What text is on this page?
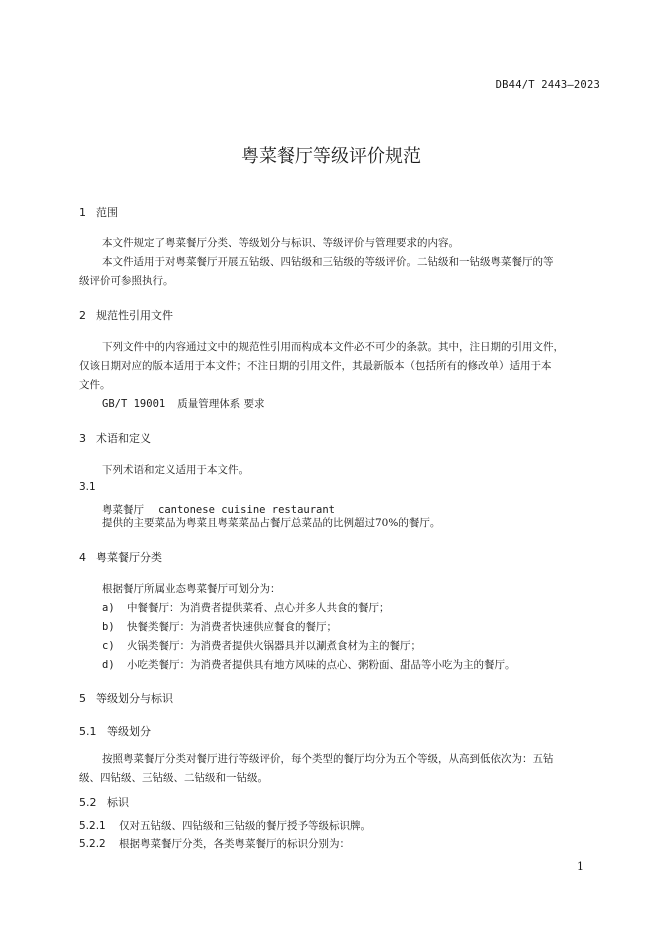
DB44/T 2443—2023
粤菜餐厅等级评价规范
1 范围
本文件规定了粤菜餐厅分类、等级划分与标识、等级评价与管理要求的内容。
本文件适用于对粤菜餐厅开展五钻级、四钻级和三钻级的等级评价。二钻级和一钻级粤菜餐厅的等
级评价可参照执行。
2 规范性引用文件
下列文件中的内容通过文中的规范性引用而构成本文件必不可少的条款。其中，注日期的引用文件，
仅该日期对应的版本适用于本文件；不注日期的引用文件，其最新版本（包括所有的修改单）适用于本
文件。
GB/T 19001 质量管理体系 要求
3 术语和定义
下列术语和定义适用于本文件。
3.1
粤菜餐厅 cantonese cuisine restaurant
提供的主要菜品为粤菜且粤菜菜品占餐厅总菜品的比例超过70%的餐厅。
4 粤菜餐厅分类
根据餐厅所属业态粤菜餐厅可划分为：
a) 中餐餐厅：为消费者提供菜肴、点心并多人共食的餐厅；
b) 快餐类餐厅：为消费者快速供应餐食的餐厅；
c) 火锅类餐厅：为消费者提供火锅器具并以涮煮食材为主的餐厅；
d) 小吃类餐厅：为消费者提供具有地方风味的点心、粥粉面、甜品等小吃为主的餐厅。
5 等级划分与标识
5.1 等级划分
按照粤菜餐厅分类对餐厅进行等级评价，每个类型的餐厅均分为五个等级，从高到低依次为：五钻
级、四钻级、三钻级、二钻级和一钻级。
5.2 标识
5.2.1 仅对五钻级、四钻级和三钻级的餐厅授予等级标识牌。
5.2.2 根据粤菜餐厅分类，各类粤菜餐厅的标识分别为：
1
